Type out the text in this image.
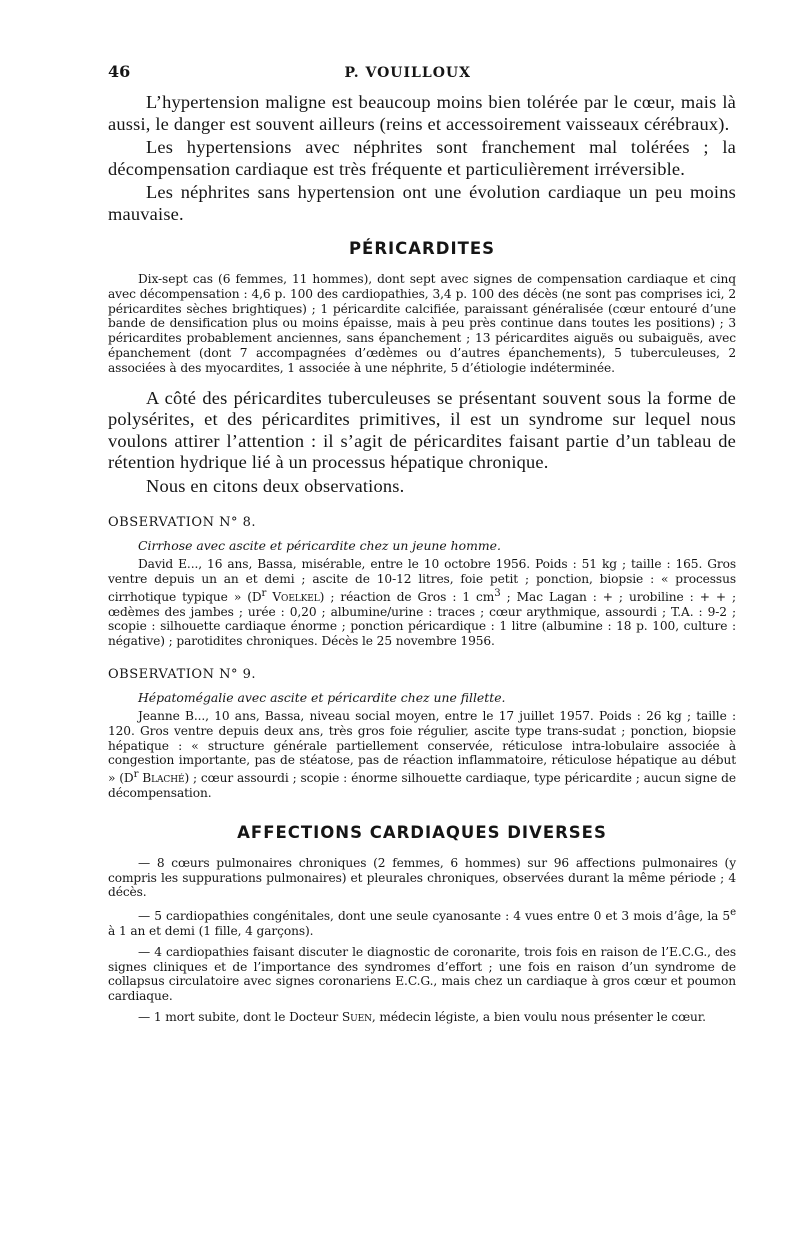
46	P. VOUILLOUX

L’hypertension maligne est beaucoup moins bien tolérée par le cœur, mais là aussi, le danger est souvent ailleurs (reins et accessoirement vaisseaux cérébraux).

Les hypertensions avec néphrites sont franchement mal tolérées ; la décompensation cardiaque est très fréquente et particulièrement irréversible.

Les néphrites sans hypertension ont une évolution cardiaque un peu moins mauvaise.

PÉRICARDITES

Dix-sept cas (6 femmes, 11 hommes), dont sept avec signes de compensation cardiaque et cinq avec décompensation : 4,6 p. 100 des cardiopathies, 3,4 p. 100 des décès (ne sont pas comprises ici, 2 péricardites sèches brightiques) ; 1 péricardite calcifiée, paraissant généralisée (cœur entouré d’une bande de densification plus ou moins épaisse, mais à peu près continue dans toutes les positions) ; 3 péricardites probablement anciennes, sans épanchement ; 13 péricardites aiguës ou subaiguës, avec épanchement (dont 7 accompagnées d’œdèmes ou d’autres épanchements), 5 tuberculeuses, 2 associées à des myocardites, 1 associée à une néphrite, 5 d’étiologie indéterminée.

A côté des péricardites tuberculeuses se présentant souvent sous la forme de polysérites, et des péricardites primitives, il est un syndrome sur lequel nous voulons attirer l’attention : il s’agit de péricardites faisant partie d’un tableau de rétention hydrique lié à un processus hépatique chronique.

Nous en citons deux observations.

OBSERVATION N° 8.
Cirrhose avec ascite et péricardite chez un jeune homme.

David E..., 16 ans, Bassa, misérable, entre le 10 octobre 1956. Poids : 51 kg ; taille : 165. Gros ventre depuis un an et demi ; ascite de 10-12 litres, foie petit ; ponction, biopsie : « processus cirrhotique typique » ($D^r$ Voelkel) ; réaction de Gros : 1 $cm^3$ ; Mac Lagan : + ; urobiline : + + ; œdèmes des jambes ; urée : 0,20 ; albumine/urine : traces ; cœur arythmique, assourdi ; T.A. : 9-2 ; scopie : silhouette cardiaque énorme ; ponction péricardique : 1 litre (albumine : 18 p. 100, culture : négative) ; parotidites chroniques. Décès le 25 novembre 1956.

OBSERVATION N° 9.
Hépatomégalie avec ascite et péricardite chez une fillette.

Jeanne B..., 10 ans, Bassa, niveau social moyen, entre le 17 juillet 1957. Poids : 26 kg ; taille : 120. Gros ventre depuis deux ans, très gros foie régulier, ascite type trans-sudat ; ponction, biopsie hépatique : « structure générale partiellement conservée, réticulose intra-lobulaire associée à congestion importante, pas de stéatose, pas de réaction inflammatoire, réticulose hépatique au début » ($D^r$ Blaché) ; cœur assourdi ; scopie : énorme silhouette cardiaque, type péricardite ; aucun signe de décompensation.

AFFECTIONS CARDIAQUES DIVERSES

— 8 cœurs pulmonaires chroniques (2 femmes, 6 hommes) sur 96 affections pulmonaires (y compris les suppurations pulmonaires) et pleurales chroniques, observées durant la même période ; 4 décès.

— 5 cardiopathies congénitales, dont une seule cyanosante : 4 vues entre 0 et 3 mois d’âge, la 5e à 1 an et demi (1 fille, 4 garçons).

— 4 cardiopathies faisant discuter le diagnostic de coronarite, trois fois en raison de l’E.C.G., des signes cliniques et de l’importance des syndromes d’effort ; une fois en raison d’un syndrome de collapsus circulatoire avec signes coronariens E.C.G., mais chez un cardiaque à gros cœur et poumon cardiaque.

— 1 mort subite, dont le Docteur Suen, médecin légiste, a bien voulu nous présenter le cœur.
